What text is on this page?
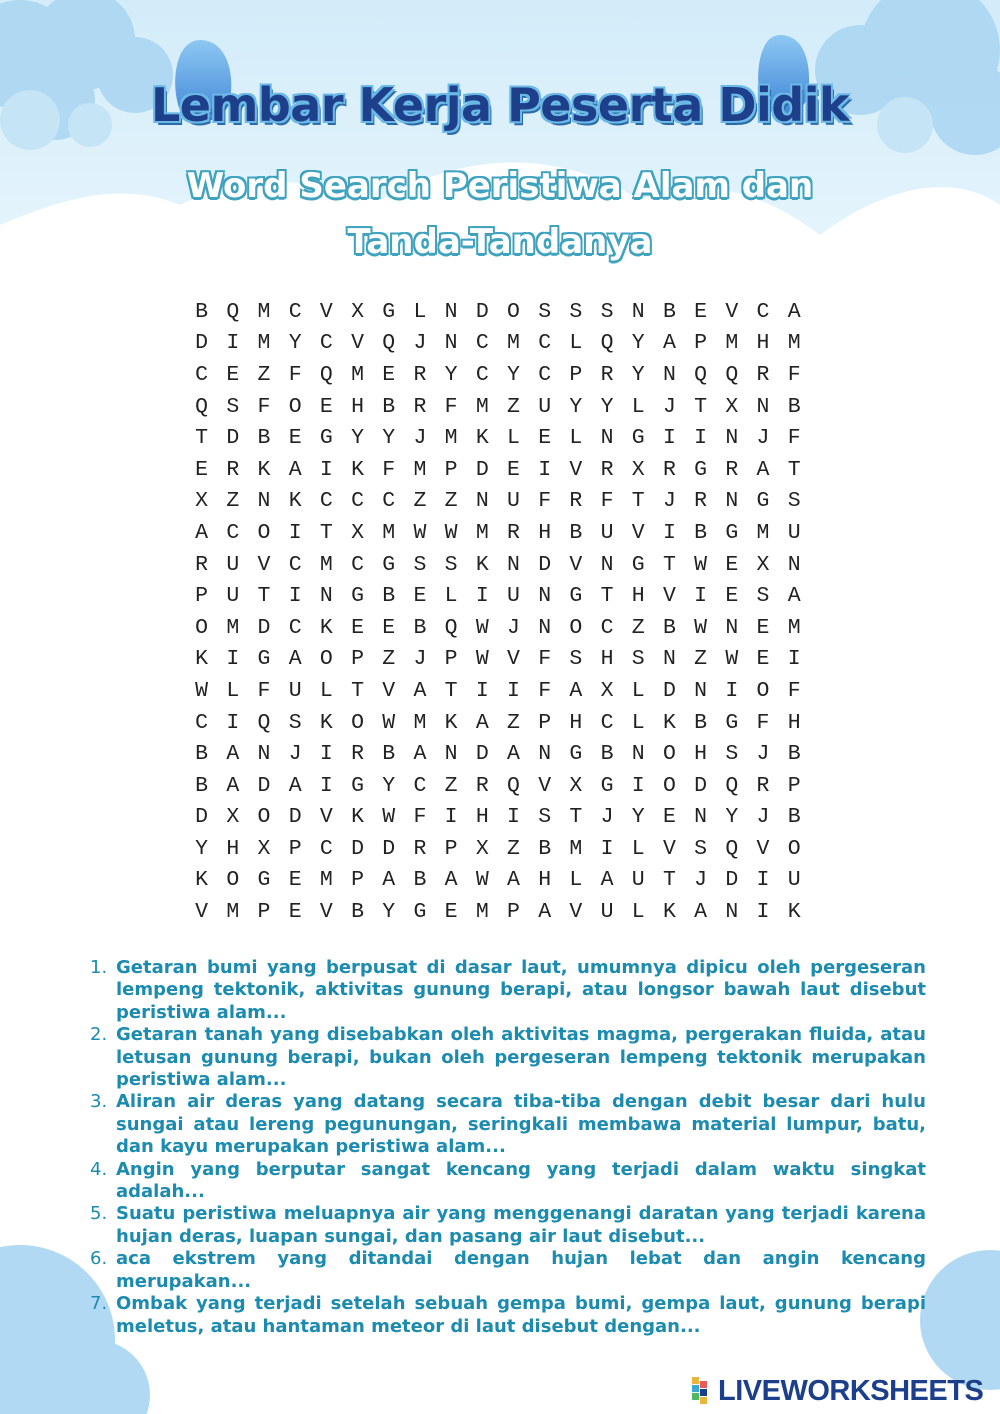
Lembar Kerja Peserta Didik
Word Search Peristiwa Alam dan Tanda-Tandanya
B Q M C V X G L N D O S S S N B E V C A
D I M Y C V Q J N C M C L Q Y A P M H M
C E Z F Q M E R Y C Y C P R Y N Q Q R F
Q S F O E H B R F M Z U Y Y L J T X N B
T D B E G Y Y J M K L E L N G I I N J F
E R K A I K F M P D E I V R X R G R A T
X Z N K C C C Z Z N U F R F T J R N G S
A C O I T X M W W M R H B U V I B G M U
R U V C M C G S S K N D V N G T W E X N
P U T I N G B E L I U N G T H V I E S A
O M D C K E E B Q W J N O C Z B W N E M
K I G A O P Z J P W V F S H S N Z W E I
W L F U L T V A T I I F A X L D N I O F
C I Q S K O W M K A Z P H C L K B G F H
B A N J I R B A N D A N G B N O H S J B
B A D A I G Y C Z R Q V X G I O D Q R P
D X O D V K W F I H I S T J Y E N Y J B
Y H X P C D D R P X Z B M I L V S Q V O
K O G E M P A B A W A H L A U T J D I U
V M P E V B Y G E M P A V U L K A N I K
1. Getaran bumi yang berpusat di dasar laut, umumnya dipicu oleh pergeseran lempeng tektonik, aktivitas gunung berapi, atau longsor bawah laut disebut peristiwa alam...
2. Getaran tanah yang disebabkan oleh aktivitas magma, pergerakan fluida, atau letusan gunung berapi, bukan oleh pergeseran lempeng tektonik merupakan peristiwa alam...
3. Aliran air deras yang datang secara tiba-tiba dengan debit besar dari hulu sungai atau lereng pegunungan, seringkali membawa material lumpur, batu, dan kayu merupakan peristiwa alam...
4. Angin yang berputar sangat kencang yang terjadi dalam waktu singkat adalah...
5. Suatu peristiwa meluapnya air yang menggenangi daratan yang terjadi karena hujan deras, luapan sungai, dan pasang air laut disebut...
6. aca ekstrem yang ditandai dengan hujan lebat dan angin kencang merupakan...
7. Ombak yang terjadi setelah sebuah gempa bumi, gempa laut, gunung berapi meletus, atau hantaman meteor di laut disebut dengan...
LIVEWORKSHEETS
